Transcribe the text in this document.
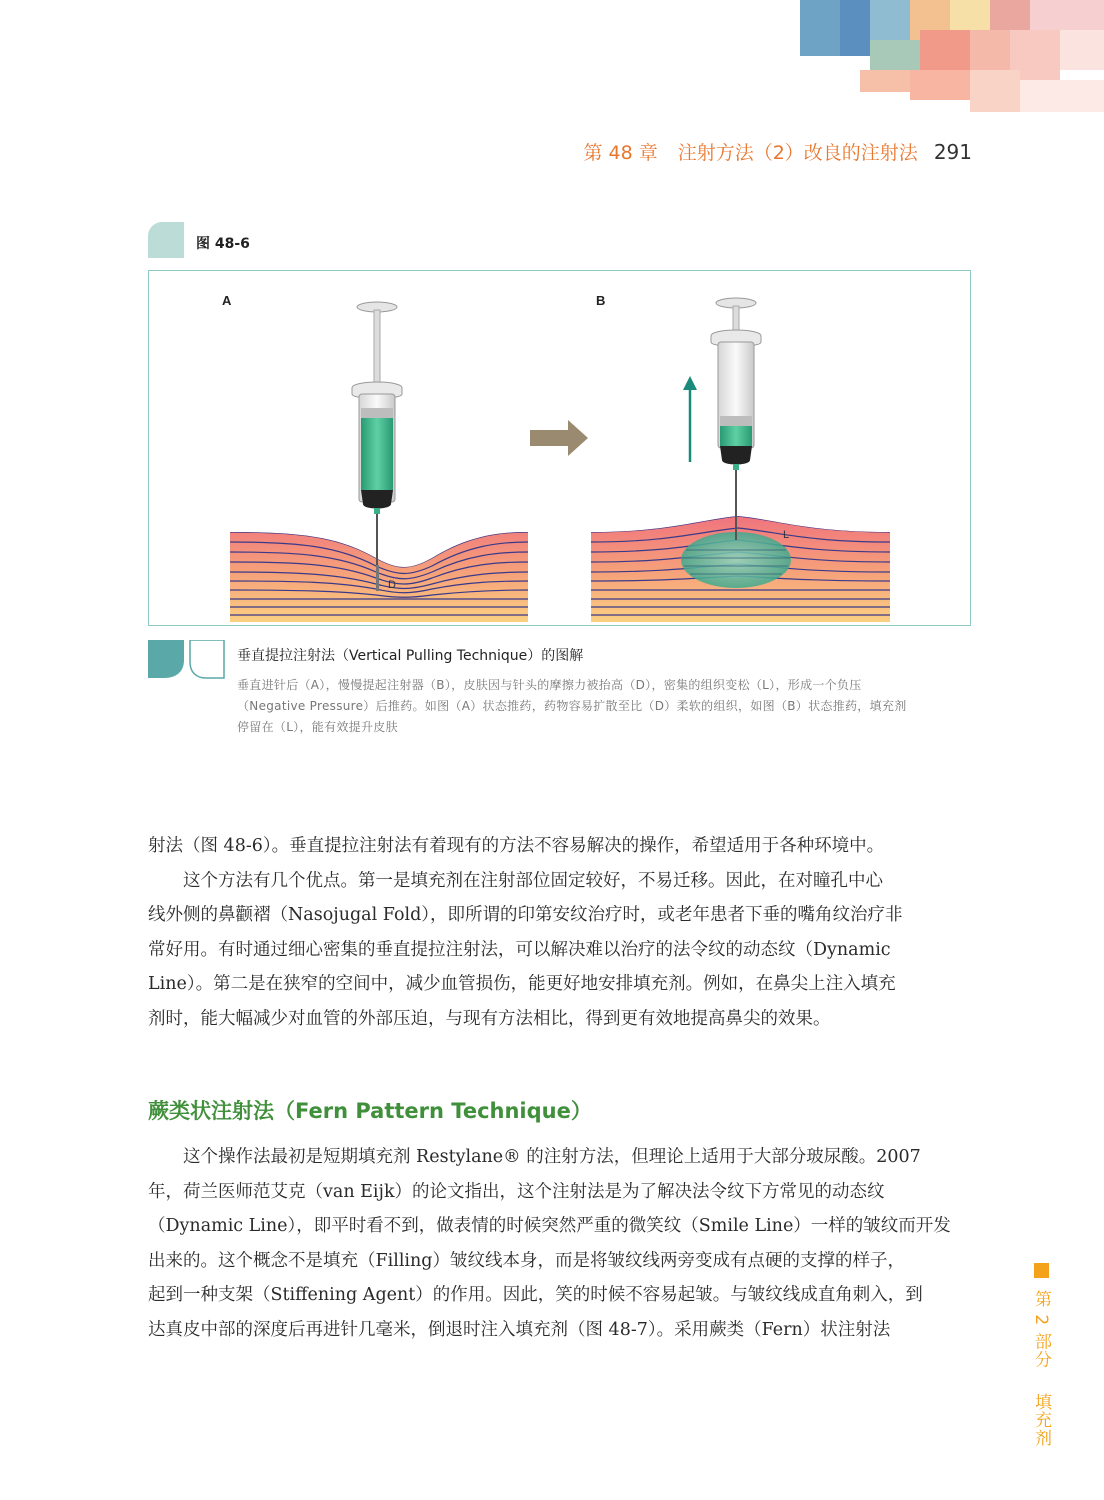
第 48 章 注射方法（2）改良的注射法 291
图 48-6
A	B
D
L
垂直提拉注射法（Vertical Pulling Technique）的图解
垂直进针后（A），慢慢提起注射器（B），皮肤因与针头的摩擦力被抬高（D），密集的组织变松（L），形成一个负压
（Negative Pressure）后推药。如图（A）状态推药，药物容易扩散至比（D）柔软的组织，如图（B）状态推药，填充剂
停留在（L），能有效提升皮肤
射法（图 48-6）。垂直提拉注射法有着现有的方法不容易解决的操作，希望适用于各种环境中。
　　这个方法有几个优点。第一是填充剂在注射部位固定较好，不易迁移。因此，在对瞳孔中心
线外侧的鼻颧褶（Nasojugal Fold），即所谓的印第安纹治疗时，或老年患者下垂的嘴角纹治疗非
常好用。有时通过细心密集的垂直提拉注射法，可以解决难以治疗的法令纹的动态纹（Dynamic
Line）。第二是在狭窄的空间中，减少血管损伤，能更好地安排填充剂。例如，在鼻尖上注入填充
剂时，能大幅减少对血管的外部压迫，与现有方法相比，得到更有效地提高鼻尖的效果。
蕨类状注射法（Fern Pattern Technique）
　　这个操作法最初是短期填充剂 Restylane® 的注射方法，但理论上适用于大部分玻尿酸。2007
年，荷兰医师范艾克（van Eijk）的论文指出，这个注射法是为了解决法令纹下方常见的动态纹
（Dynamic Line），即平时看不到，做表情的时候突然严重的微笑纹（Smile Line）一样的皱纹而开发
出来的。这个概念不是填充（Filling）皱纹线本身，而是将皱纹线两旁变成有点硬的支撑的样子，
起到一种支架（Stiffening Agent）的作用。因此，笑的时候不容易起皱。与皱纹线成直角刺入，到
达真皮中部的深度后再进针几毫米，倒退时注入填充剂（图 48-7）。采用蕨类（Fern）状注射法	第 2 部分 填充剂
